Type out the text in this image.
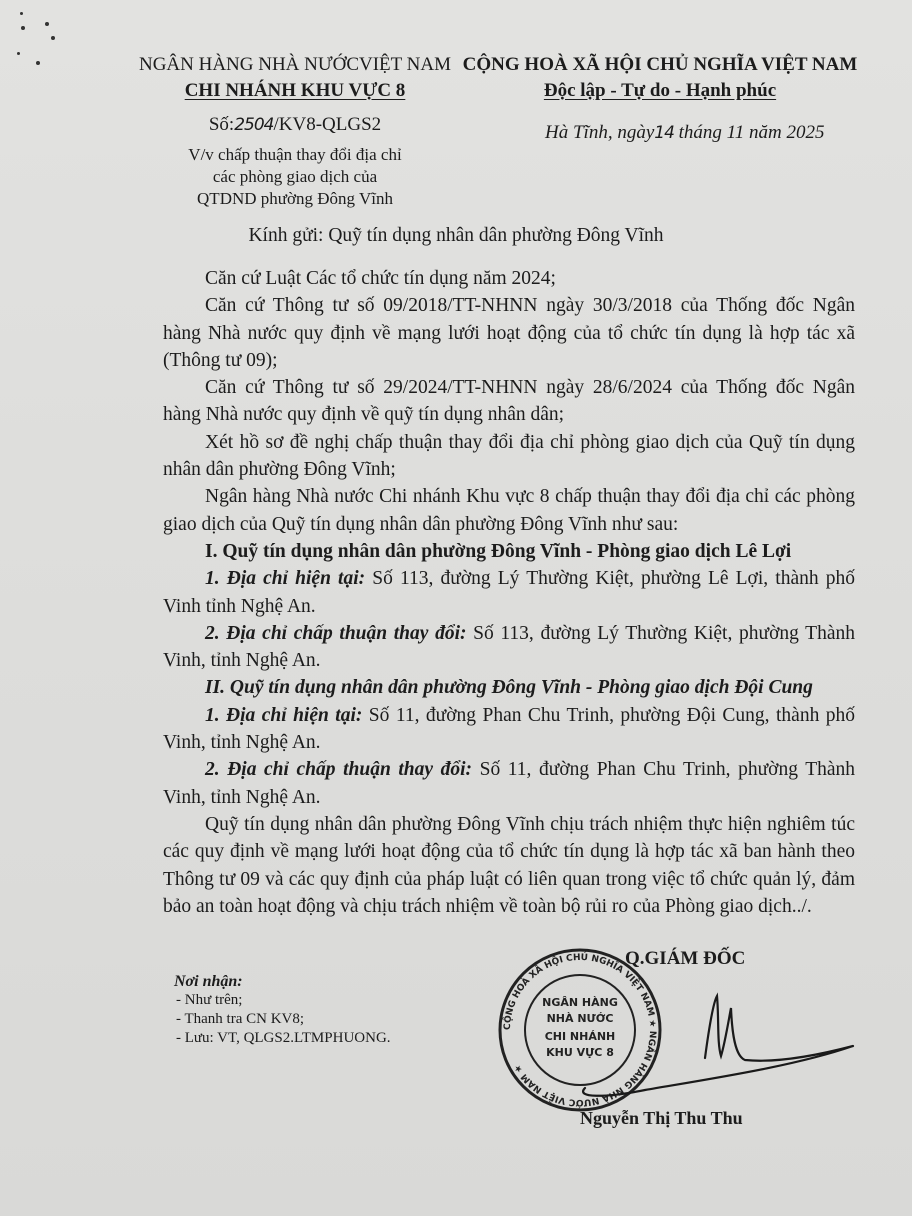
NGÂN HÀNG NHÀ NƯỚCVIỆT NAM
CHI NHÁNH KHU VỰC 8
Số:2504/KV8-QLGS2
V/v chấp thuận thay đổi địa chỉ
các phòng giao dịch của
QTDND phường Đông Vĩnh
CỘNG HOÀ XÃ HỘI CHỦ NGHĨA VIỆT NAM
Độc lập - Tự do - Hạnh phúc
Hà Tĩnh, ngày14 tháng 11 năm 2025
Kính gửi: Quỹ tín dụng nhân dân phường Đông Vĩnh

Căn cứ Luật Các tổ chức tín dụng năm 2024;

Căn cứ Thông tư số 09/2018/TT-NHNN ngày 30/3/2018 của Thống đốc Ngân hàng Nhà nước quy định về mạng lưới hoạt động của tổ chức tín dụng là hợp tác xã (Thông tư 09);

Căn cứ Thông tư số 29/2024/TT-NHNN ngày 28/6/2024 của Thống đốc Ngân hàng Nhà nước quy định về quỹ tín dụng nhân dân;

Xét hồ sơ đề nghị chấp thuận thay đổi địa chỉ phòng giao dịch của Quỹ tín dụng nhân dân phường Đông Vĩnh;

Ngân hàng Nhà nước Chi nhánh Khu vực 8 chấp thuận thay đổi địa chỉ các phòng giao dịch của Quỹ tín dụng nhân dân phường Đông Vĩnh như sau:

I. Quỹ tín dụng nhân dân phường Đông Vĩnh - Phòng giao dịch Lê Lợi

1. Địa chỉ hiện tại: Số 113, đường Lý Thường Kiệt, phường Lê Lợi, thành phố Vinh tỉnh Nghệ An.

2. Địa chỉ chấp thuận thay đổi: Số 113, đường Lý Thường Kiệt, phường Thành Vinh, tỉnh Nghệ An.

II. Quỹ tín dụng nhân dân phường Đông Vĩnh - Phòng giao dịch Đội Cung

1. Địa chỉ hiện tại: Số 11, đường Phan Chu Trinh, phường Đội Cung, thành phố Vinh, tỉnh Nghệ An.

2. Địa chỉ chấp thuận thay đổi: Số 11, đường Phan Chu Trinh, phường Thành Vinh, tỉnh Nghệ An.

Quỹ tín dụng nhân dân phường Đông Vĩnh chịu trách nhiệm thực hiện nghiêm túc các quy định về mạng lưới hoạt động của tổ chức tín dụng là hợp tác xã ban hành theo Thông tư 09 và các quy định của pháp luật có liên quan trong việc tổ chức quản lý, đảm bảo an toàn hoạt động và chịu trách nhiệm về toàn bộ rủi ro của Phòng giao dịch../.

Nơi nhận:
- Như trên;
- Thanh tra CN KV8;
- Lưu: VT, QLGS2.LTMPHUONG.
Q.GIÁM ĐỐC
CỘNG HOÀ XÃ HỘI CHỦ NGHĨA VIỆT NAM ★ NGÂN HÀNG NHÀ NƯỚC VIỆT NAM ★
NGÂN HÀNG
NHÀ NƯỚC
CHI NHÁNH
KHU VỰC 8
Nguyễn Thị Thu Thu
